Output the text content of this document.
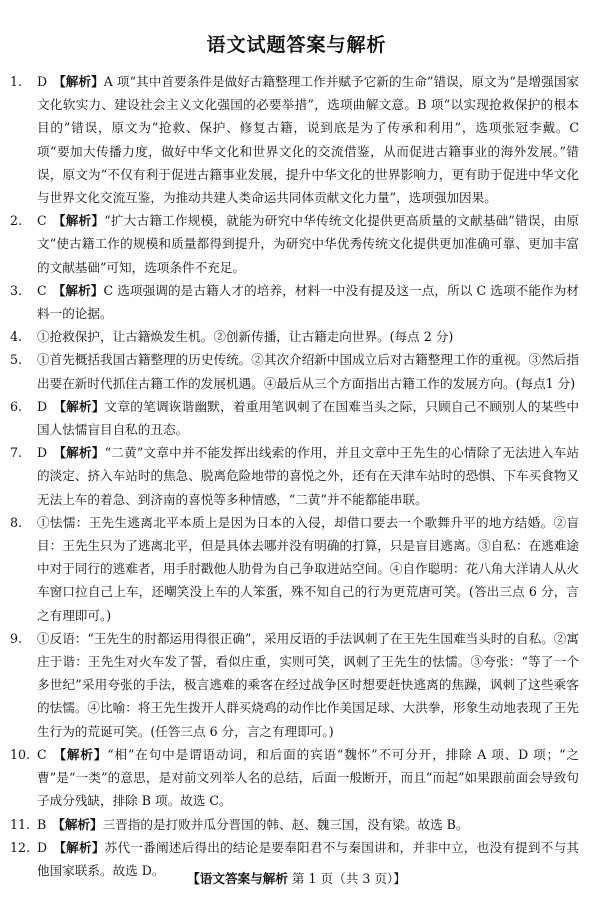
语文试题答案与解析
1. D 【解析】A 项“其中首要条件是做好古籍整理工作并赋予它新的生命”错误，原文为“是增强国家文化软实力、建设社会主义文化强国的必要举措”，选项曲解文意。B 项“以实现抢救保护的根本目的”错误，原文为“抢救、保护、修复古籍，说到底是为了传承和利用”，选项张冠李戴。C 项“要加大传播力度，做好中华文化和世界文化的交流借鉴，从而促进古籍事业的海外发展。”错误，原文为“不仅有利于促进古籍事业发展，提升中华文化的世界影响力，更有助于促进中华文化与世界文化交流互鉴，为推动共建人类命运共同体贡献文化力量”，选项强加因果。
2. C 【解析】“扩大古籍工作规模，就能为研究中华传统文化提供更高质量的文献基础”错误，由原文“使古籍工作的规模和质量都得到提升，为研究中华优秀传统文化提供更加准确可靠、更加丰富的文献基础”可知，选项条件不充足。
3. C 【解析】C 选项强调的是古籍人才的培养，材料一中没有提及这一点，所以 C 选项不能作为材料一的论据。
4. ①抢救保护，让古籍焕发生机。②创新传播，让古籍走向世界。(每点 2 分)
5. ①首先概括我国古籍整理的历史传统。②其次介绍新中国成立后对古籍整理工作的重视。③然后指出要在新时代抓住古籍工作的发展机遇。④最后从三个方面指出古籍工作的发展方向。(每点1 分)
6. D 【解析】文章的笔调诙谐幽默，着重用笔讽刺了在国难当头之际，只顾自己不顾别人的某些中国人怯懦盲目自私的丑态。
7. D 【解析】“二黄”文章中并不能发挥出线索的作用，并且文章中王先生的心情除了无法进入车站的淡定、挤入车站时的焦急、脱离危险地带的喜悦之外，还有在天津车站时的恐惧、下车买食物又无法上车的着急、到济南的喜悦等多种情感，“二黄”并不能都能串联。
8. ①怯懦：王先生逃离北平本质上是因为日本的入侵，却借口要去一个歌舞升平的地方结婚。②盲目：王先生只为了逃离北平，但是具体去哪并没有明确的打算，只是盲目逃离。③自私：在逃难途中对于同行的逃难者，用手肘戳他人肋骨为自己争取进站空间。④自作聪明：花八角大洋请人从火车窗口拉自己上车，还嘲笑没上车的人笨蛋，殊不知自己的行为更荒唐可笑。(答出三点 6 分，言之有理即可。)
9. ①反语：“王先生的肘都运用得很正确”，采用反语的手法讽刺了在王先生国难当头时的自私。②寓庄于谐：王先生对火车发了誓，看似庄重，实则可笑，讽刺了王先生的怯懦。③夸张：“等了一个多世纪”采用夸张的手法，极言逃难的乘客在经过战争区时想要赶快逃离的焦躁，讽刺了这些乘客的怯懦。④比喻：将王先生拨开人群买烧鸡的动作比作美国足球、大洪拳，形象生动地表现了王先生行为的荒诞可笑。(任答三点 6 分，言之有理即可。)
10. C 【解析】“相”在句中是谓语动词，和后面的宾语“魏怀”不可分开，排除 A 项、D 项；“之曹”是“一类”的意思，是对前文列举人名的总结，后面一般断开，而且“而起”如果跟前面会导致句子成分残缺，排除 B 项。故选 C。
11. B 【解析】三晋指的是打败并瓜分晋国的韩、赵、魏三国，没有梁。故选 B。
12. D 【解析】苏代一番阐述后得出的结论是要奉阳君不与秦国讲和，并非中立，也没有提到不与其他国家联系。故选 D。
【语文答案与解析 第 1 页（共 3 页）】
